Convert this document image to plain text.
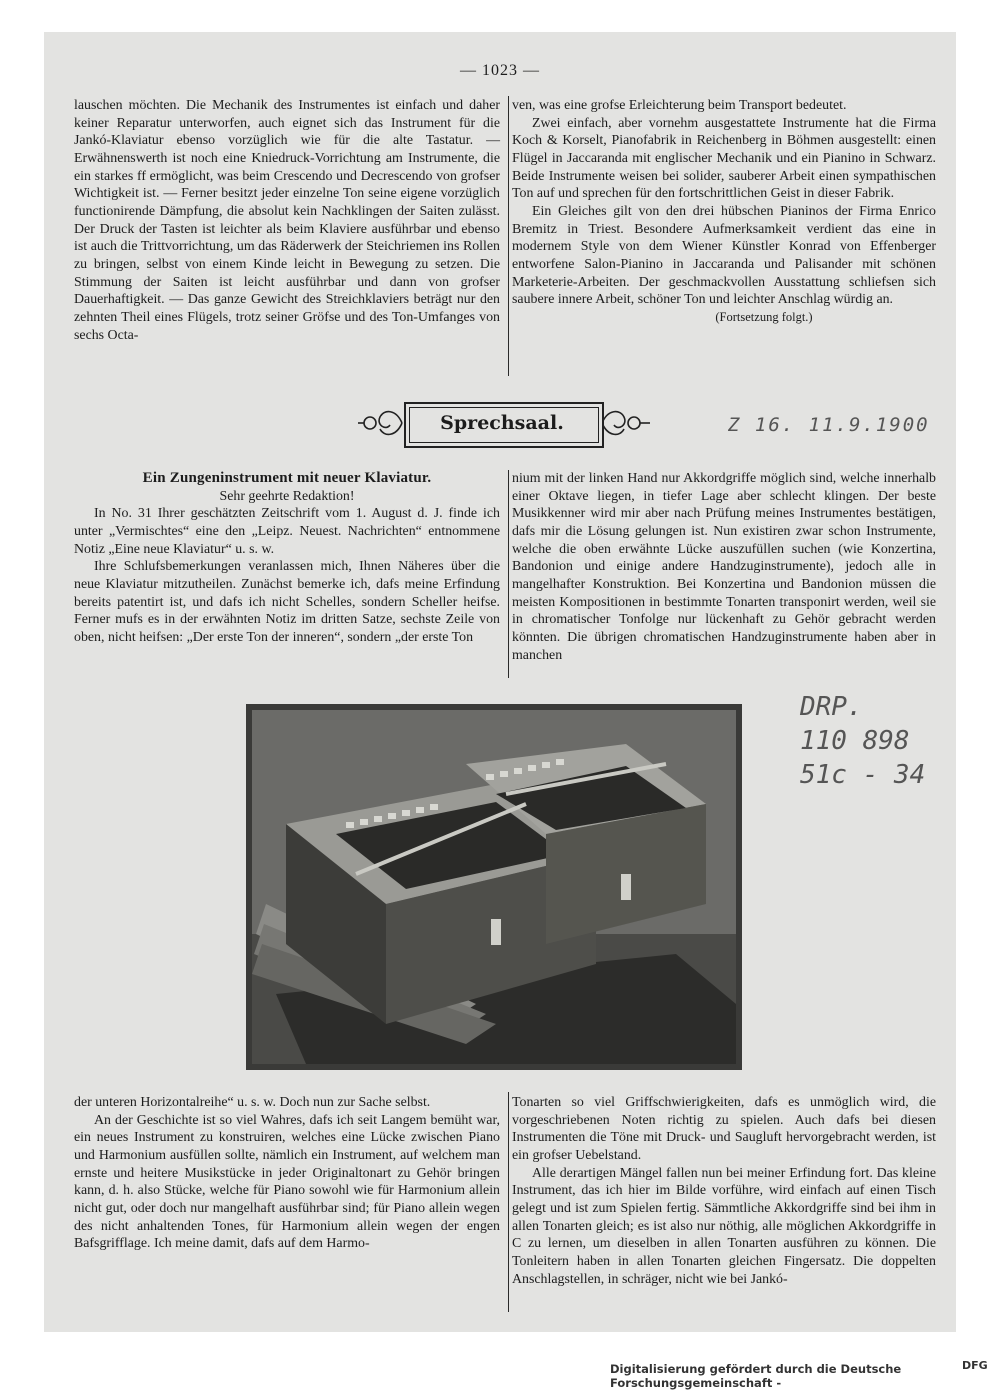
— 1023 —

lauschen möchten. Die Mechanik des Instrumentes ist einfach und daher keiner Reparatur unterworfen, auch eignet sich das Instrument für die Jankó-Klaviatur ebenso vorzüglich wie für die alte Tastatur. — Erwähnenswerth ist noch eine Kniedruck-Vorrichtung am Instrumente, die ein starkes ff ermöglicht, was beim Crescendo und Decrescendo von grofser Wichtigkeit ist. — Ferner besitzt jeder einzelne Ton seine eigene vorzüglich functionirende Dämpfung, die absolut kein Nachklingen der Saiten zulässt. Der Druck der Tasten ist leichter als beim Klaviere ausführbar und ebenso ist auch die Trittvorrichtung, um das Räderwerk der Steichriemen ins Rollen zu bringen, selbst von einem Kinde leicht in Bewegung zu setzen. Die Stimmung der Saiten ist leicht ausführbar und dann von grofser Dauerhaftigkeit. — Das ganze Gewicht des Streichklaviers beträgt nur den zehnten Theil eines Flügels, trotz seiner Gröfse und des Ton-Umfanges von sechs Octa-

ven, was eine grofse Erleichterung beim Transport bedeutet.

Zwei einfach, aber vornehm ausgestattete Instrumente hat die Firma Koch & Korselt, Pianofabrik in Reichenberg in Böhmen ausgestellt: einen Flügel in Jaccaranda mit englischer Mechanik und ein Pianino in Schwarz. Beide Instrumente weisen bei solider, sauberer Arbeit einen sympathischen Ton auf und sprechen für den fortschrittlichen Geist in dieser Fabrik.

Ein Gleiches gilt von den drei hübschen Pianinos der Firma Enrico Bremitz in Triest. Besondere Aufmerksamkeit verdient das eine in modernem Style von dem Wiener Künstler Konrad von Effenberger entworfene Salon-Pianino in Jaccaranda und Palisander mit schönen Marketerie-Arbeiten. Der geschmackvollen Ausstattung schliefsen sich saubere innere Arbeit, schöner Ton und leichter Anschlag würdig an.

(Fortsetzung folgt.)

Sprechsaal.	Z 16. 11.9.1900

Ein Zungeninstrument mit neuer Klaviatur.

Sehr geehrte Redaktion!

In No. 31 Ihrer geschätzten Zeitschrift vom 1. August d. J. finde ich unter „Vermischtes“ eine den „Leipz. Neuest. Nachrichten“ entnommene Notiz „Eine neue Klaviatur“ u. s. w.

Ihre Schlufsbemerkungen veranlassen mich, Ihnen Näheres über die neue Klaviatur mitzutheilen. Zunächst bemerke ich, dafs meine Erfindung bereits patentirt ist, und dafs ich nicht Schelles, sondern Scheller heifse. Ferner mufs es in der erwähnten Notiz im dritten Satze, sechste Zeile von oben, nicht heifsen: „Der erste Ton der inneren“, sondern „der erste Ton

nium mit der linken Hand nur Akkordgriffe möglich sind, welche innerhalb einer Oktave liegen, in tiefer Lage aber schlecht klingen. Der beste Musikkenner wird mir aber nach Prüfung meines Instrumentes bestätigen, dafs mir die Lösung gelungen ist. Nun existiren zwar schon Instrumente, welche die oben erwähnte Lücke auszufüllen suchen (wie Konzertina, Bandonion und einige andere Handzuginstrumente), jedoch alle in mangelhafter Konstruktion. Bei Konzertina und Bandonion müssen die meisten Kompositionen in bestimmte Tonarten transponirt werden, weil sie in chromatischer Tonfolge nur lückenhaft zu Gehör gebracht werden könnten. Die übrigen chromatischen Handzuginstrumente haben aber in manchen

DRP.
110 898
51c - 34

der unteren Horizontalreihe“ u. s. w. Doch nun zur Sache selbst.

An der Geschichte ist so viel Wahres, dafs ich seit Langem bemüht war, ein neues Instrument zu konstruiren, welches eine Lücke zwischen Piano und Harmonium ausfüllen sollte, nämlich ein Instrument, auf welchem man ernste und heitere Musikstücke in jeder Originaltonart zu Gehör bringen kann, d. h. also Stücke, welche für Piano sowohl wie für Harmonium allein nicht gut, oder doch nur mangelhaft ausführbar sind; für Piano allein wegen des nicht anhaltenden Tones, für Harmonium allein wegen der engen Bafsgrifflage. Ich meine damit, dafs auf dem Harmo-

Tonarten so viel Griffschwierigkeiten, dafs es unmöglich wird, die vorgeschriebenen Noten richtig zu spielen. Auch dafs bei diesen Instrumenten die Töne mit Druck- und Saugluft hervorgebracht werden, ist ein grofser Uebelstand.

Alle derartigen Mängel fallen nun bei meiner Erfindung fort. Das kleine Instrument, das ich hier im Bilde vorführe, wird einfach auf einen Tisch gelegt und ist zum Spielen fertig. Sämmtliche Akkordgriffe sind bei ihm in allen Tonarten gleich; es ist also nur nöthig, alle möglichen Akkordgriffe in C zu lernen, um dieselben in allen Tonarten ausführen zu können. Die Tonleitern haben in allen Tonarten gleichen Fingersatz. Die doppelten Anschlagstellen, in schräger, nicht wie bei Jankó-

Digitalisierung gefördert durch die Deutsche Forschungsgemeinschaft -
DFG
